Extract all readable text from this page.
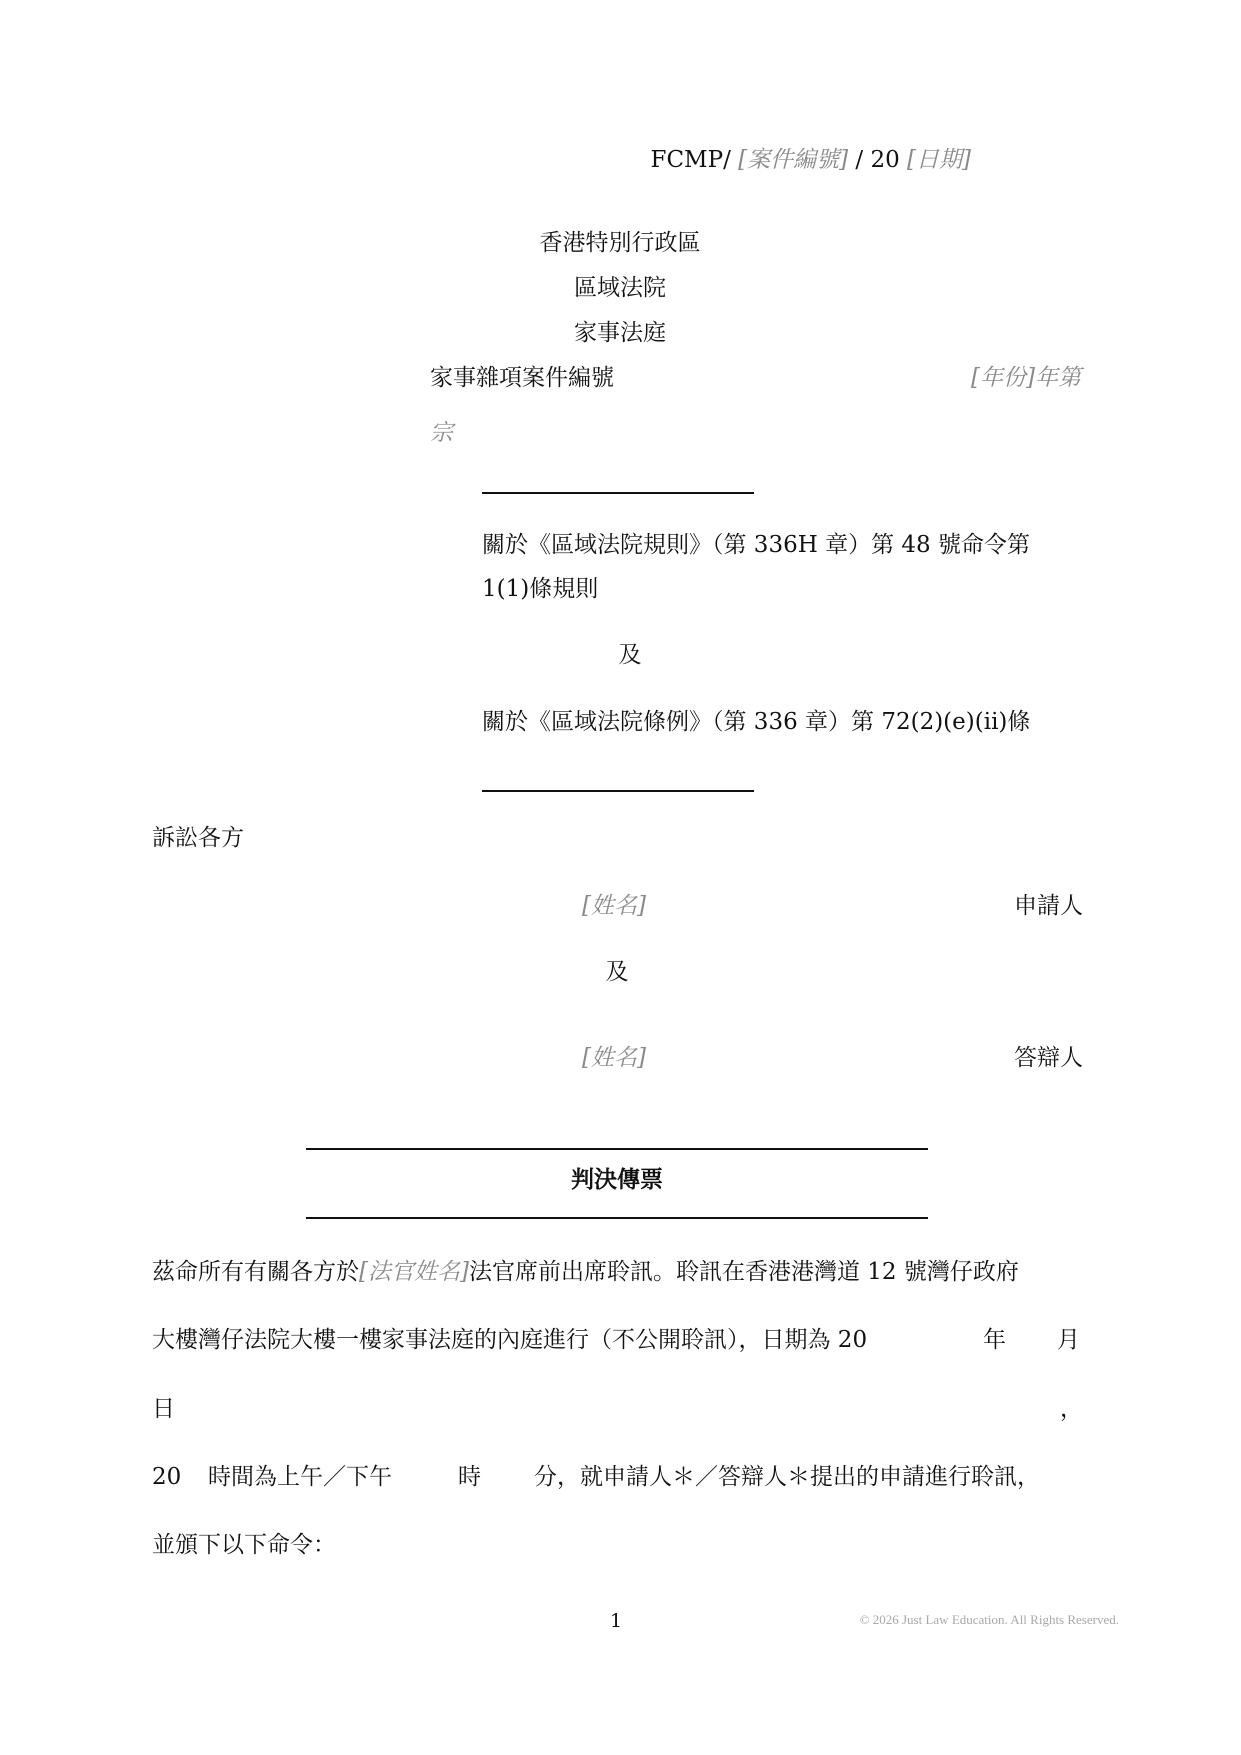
FCMP/ [案件編號] / 20 [日期]
香港特別行政區
區域法院
家事法庭
家事雜項案件編號	[年份]年第
宗
關於《區域法院規則》（第 336H 章）第 48 號命令第
1(1)條規則
及
關於《區域法院條例》（第 336 章）第 72(2)(e)(ii)條
訴訟各方
[姓名]	申請人
及
[姓名]	答辯人
判決傳票
茲命所有有關各方於[法官姓名]法官席前出席聆訊。聆訊在香港港灣道 12 號灣仔政府
大樓灣仔法院大樓一樓家事法庭的內庭進行（不公開聆訊），日期為 20	年 月
日	，
20 時間為上午／下午	時 分，就申請人＊／答辯人＊提出的申請進行聆訊，
並頒下以下命令：
1	© 2026 Just Law Education. All Rights Reserved.
